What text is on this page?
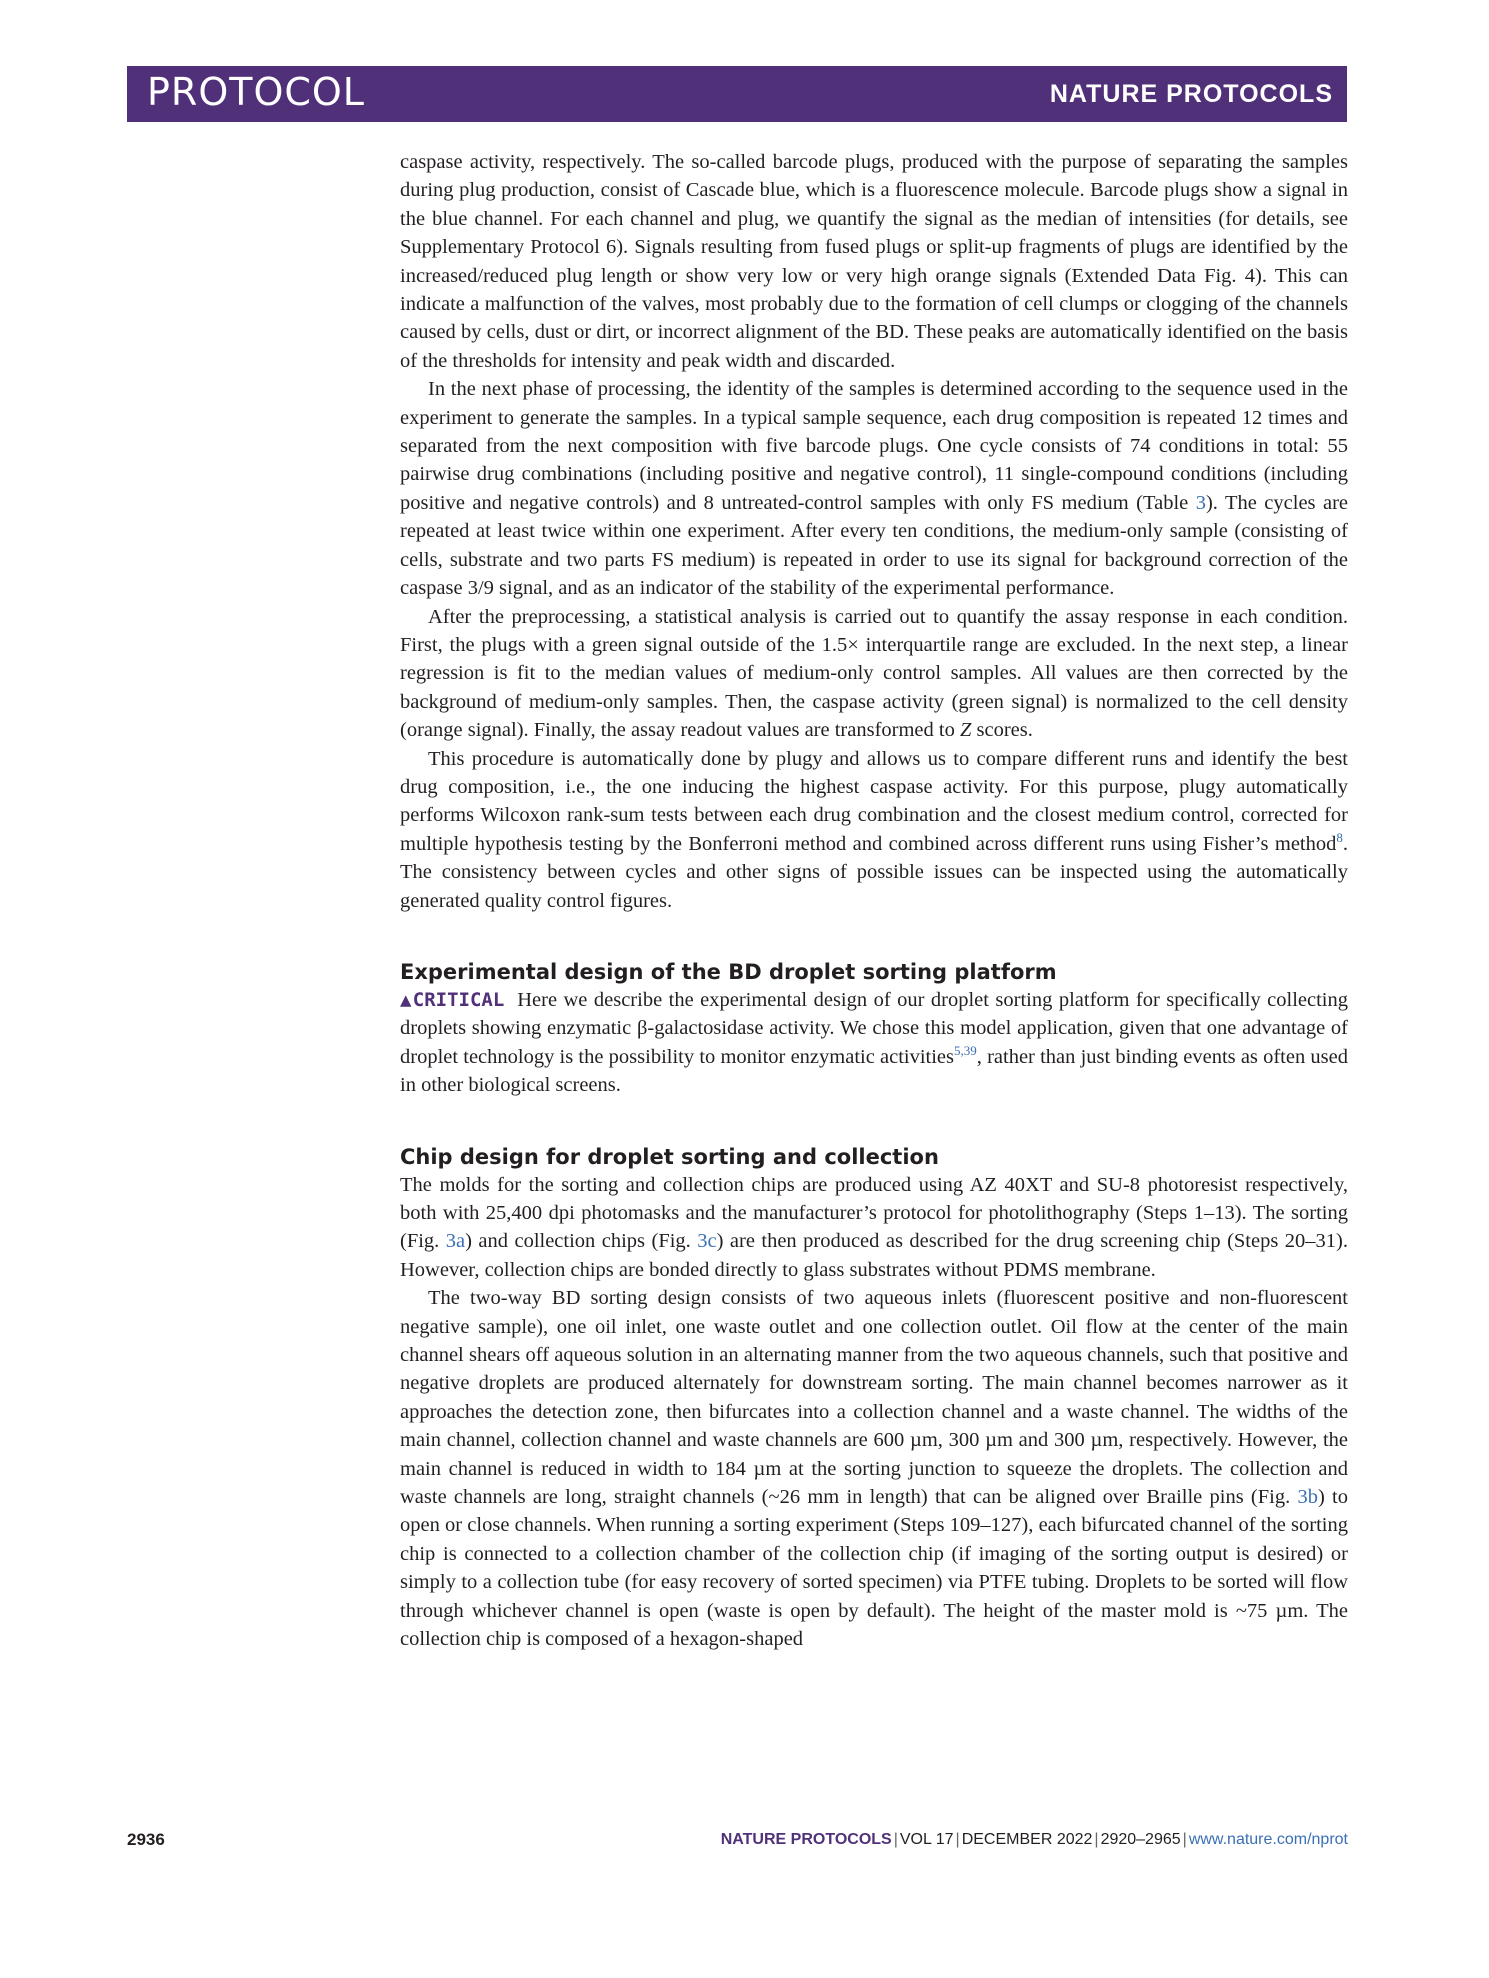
PROTOCOL	NATURE PROTOCOLS

caspase activity, respectively. The so-called barcode plugs, produced with the purpose of separating the samples during plug production, consist of Cascade blue, which is a fluorescence molecule. Barcode plugs show a signal in the blue channel. For each channel and plug, we quantify the signal as the median of intensities (for details, see Supplementary Protocol 6). Signals resulting from fused plugs or split-up fragments of plugs are identified by the increased/reduced plug length or show very low or very high orange signals (Extended Data Fig. 4). This can indicate a malfunction of the valves, most probably due to the formation of cell clumps or clogging of the channels caused by cells, dust or dirt, or incorrect alignment of the BD. These peaks are automatically identified on the basis of the thresholds for intensity and peak width and discarded.

In the next phase of processing, the identity of the samples is determined according to the sequence used in the experiment to generate the samples. In a typical sample sequence, each drug composition is repeated 12 times and separated from the next composition with five barcode plugs. One cycle consists of 74 conditions in total: 55 pairwise drug combinations (including positive and negative control), 11 single-compound conditions (including positive and negative controls) and 8 untreated-control samples with only FS medium (Table 3). The cycles are repeated at least twice within one experiment. After every ten conditions, the medium-only sample (consisting of cells, substrate and two parts FS medium) is repeated in order to use its signal for background correction of the caspase 3/9 signal, and as an indicator of the stability of the experimental performance.

After the preprocessing, a statistical analysis is carried out to quantify the assay response in each condition. First, the plugs with a green signal outside of the 1.5× interquartile range are excluded. In the next step, a linear regression is fit to the median values of medium-only control samples. All values are then corrected by the background of medium-only samples. Then, the caspase activity (green signal) is normalized to the cell density (orange signal). Finally, the assay readout values are transformed to Z scores.

This procedure is automatically done by plugy and allows us to compare different runs and identify the best drug composition, i.e., the one inducing the highest caspase activity. For this purpose, plugy automatically performs Wilcoxon rank-sum tests between each drug combination and the closest medium control, corrected for multiple hypothesis testing by the Bonferroni method and combined across different runs using Fisher’s method$^8$. The consistency between cycles and other signs of possible issues can be inspected using the automatically generated quality control figures.

Experimental design of the BD droplet sorting platform

▲CRITICAL Here we describe the experimental design of our droplet sorting platform for specifically collecting droplets showing enzymatic β-galactosidase activity. We chose this model application, given that one advantage of droplet technology is the possibility to monitor enzymatic activities$^{5,39}$, rather than just binding events as often used in other biological screens.

Chip design for droplet sorting and collection

The molds for the sorting and collection chips are produced using AZ 40XT and SU-8 photoresist respectively, both with 25,400 dpi photomasks and the manufacturer’s protocol for photolithography (Steps 1–13). The sorting (Fig. 3a) and collection chips (Fig. 3c) are then produced as described for the drug screening chip (Steps 20–31). However, collection chips are bonded directly to glass substrates without PDMS membrane.

The two-way BD sorting design consists of two aqueous inlets (fluorescent positive and non-fluorescent negative sample), one oil inlet, one waste outlet and one collection outlet. Oil flow at the center of the main channel shears off aqueous solution in an alternating manner from the two aqueous channels, such that positive and negative droplets are produced alternately for downstream sorting. The main channel becomes narrower as it approaches the detection zone, then bifurcates into a collection channel and a waste channel. The widths of the main channel, collection channel and waste channels are 600 µm, 300 µm and 300 µm, respectively. However, the main channel is reduced in width to 184 µm at the sorting junction to squeeze the droplets. The collection and waste channels are long, straight channels (~26 mm in length) that can be aligned over Braille pins (Fig. 3b) to open or close channels. When running a sorting experiment (Steps 109–127), each bifurcated channel of the sorting chip is connected to a collection chamber of the collection chip (if imaging of the sorting output is desired) or simply to a collection tube (for easy recovery of sorted specimen) via PTFE tubing. Droplets to be sorted will flow through whichever channel is open (waste is open by default). The height of the master mold is ~75 µm. The collection chip is composed of a hexagon-shaped

2936	NATURE PROTOCOLS | VOL 17 | DECEMBER 2022 | 2920–2965 | www.nature.com/nprot
